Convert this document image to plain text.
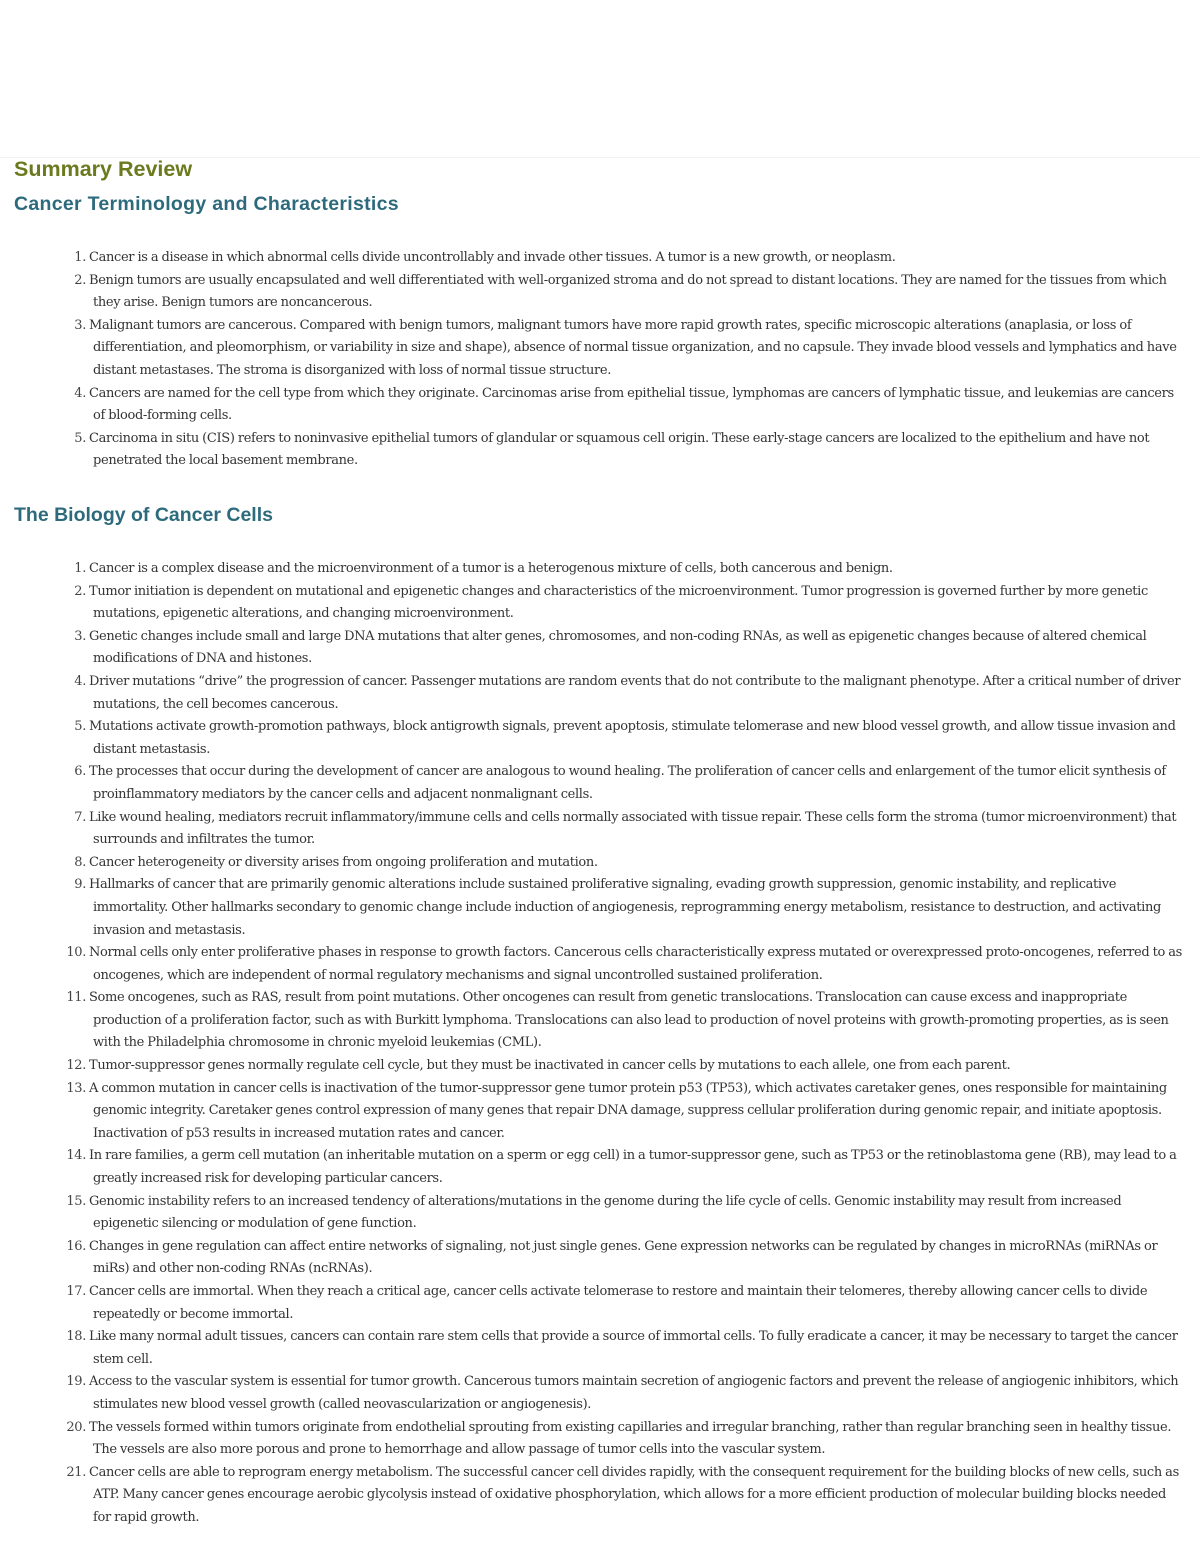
Summary Review
Cancer Terminology and Characteristics
1. Cancer is a disease in which abnormal cells divide uncontrollably and invade other tissues. A tumor is a new growth, or neoplasm.
2. Benign tumors are usually encapsulated and well differentiated with well-organized stroma and do not spread to distant locations. They are named for the tissues from which they arise. Benign tumors are noncancerous.
3. Malignant tumors are cancerous. Compared with benign tumors, malignant tumors have more rapid growth rates, specific microscopic alterations (anaplasia, or loss of differentiation, and pleomorphism, or variability in size and shape), absence of normal tissue organization, and no capsule. They invade blood vessels and lymphatics and have distant metastases. The stroma is disorganized with loss of normal tissue structure.
4. Cancers are named for the cell type from which they originate. Carcinomas arise from epithelial tissue, lymphomas are cancers of lymphatic tissue, and leukemias are cancers of blood-forming cells.
5. Carcinoma in situ (CIS) refers to noninvasive epithelial tumors of glandular or squamous cell origin. These early-stage cancers are localized to the epithelium and have not penetrated the local basement membrane.
The Biology of Cancer Cells
1. Cancer is a complex disease and the microenvironment of a tumor is a heterogenous mixture of cells, both cancerous and benign.
2. Tumor initiation is dependent on mutational and epigenetic changes and characteristics of the microenvironment. Tumor progression is governed further by more genetic mutations, epigenetic alterations, and changing microenvironment.
3. Genetic changes include small and large DNA mutations that alter genes, chromosomes, and non-coding RNAs, as well as epigenetic changes because of altered chemical modifications of DNA and histones.
4. Driver mutations “drive” the progression of cancer. Passenger mutations are random events that do not contribute to the malignant phenotype. After a critical number of driver mutations, the cell becomes cancerous.
5. Mutations activate growth-promotion pathways, block antigrowth signals, prevent apoptosis, stimulate telomerase and new blood vessel growth, and allow tissue invasion and distant metastasis.
6. The processes that occur during the development of cancer are analogous to wound healing. The proliferation of cancer cells and enlargement of the tumor elicit synthesis of proinflammatory mediators by the cancer cells and adjacent nonmalignant cells.
7. Like wound healing, mediators recruit inflammatory/immune cells and cells normally associated with tissue repair. These cells form the stroma (tumor microenvironment) that surrounds and infiltrates the tumor.
8. Cancer heterogeneity or diversity arises from ongoing proliferation and mutation.
9. Hallmarks of cancer that are primarily genomic alterations include sustained proliferative signaling, evading growth suppression, genomic instability, and replicative immortality. Other hallmarks secondary to genomic change include induction of angiogenesis, reprogramming energy metabolism, resistance to destruction, and activating invasion and metastasis.
10. Normal cells only enter proliferative phases in response to growth factors. Cancerous cells characteristically express mutated or overexpressed proto-oncogenes, referred to as oncogenes, which are independent of normal regulatory mechanisms and signal uncontrolled sustained proliferation.
11. Some oncogenes, such as RAS, result from point mutations. Other oncogenes can result from genetic translocations. Translocation can cause excess and inappropriate production of a proliferation factor, such as with Burkitt lymphoma. Translocations can also lead to production of novel proteins with growth-promoting properties, as is seen with the Philadelphia chromosome in chronic myeloid leukemias (CML).
12. Tumor-suppressor genes normally regulate cell cycle, but they must be inactivated in cancer cells by mutations to each allele, one from each parent.
13. A common mutation in cancer cells is inactivation of the tumor-suppressor gene tumor protein p53 (TP53), which activates caretaker genes, ones responsible for maintaining genomic integrity. Caretaker genes control expression of many genes that repair DNA damage, suppress cellular proliferation during genomic repair, and initiate apoptosis. Inactivation of p53 results in increased mutation rates and cancer.
14. In rare families, a germ cell mutation (an inheritable mutation on a sperm or egg cell) in a tumor-suppressor gene, such as TP53 or the retinoblastoma gene (RB), may lead to a greatly increased risk for developing particular cancers.
15. Genomic instability refers to an increased tendency of alterations/mutations in the genome during the life cycle of cells. Genomic instability may result from increased epigenetic silencing or modulation of gene function.
16. Changes in gene regulation can affect entire networks of signaling, not just single genes. Gene expression networks can be regulated by changes in microRNAs (miRNAs or miRs) and other non-coding RNAs (ncRNAs).
17. Cancer cells are immortal. When they reach a critical age, cancer cells activate telomerase to restore and maintain their telomeres, thereby allowing cancer cells to divide repeatedly or become immortal.
18. Like many normal adult tissues, cancers can contain rare stem cells that provide a source of immortal cells. To fully eradicate a cancer, it may be necessary to target the cancer stem cell.
19. Access to the vascular system is essential for tumor growth. Cancerous tumors maintain secretion of angiogenic factors and prevent the release of angiogenic inhibitors, which stimulates new blood vessel growth (called neovascularization or angiogenesis).
20. The vessels formed within tumors originate from endothelial sprouting from existing capillaries and irregular branching, rather than regular branching seen in healthy tissue. The vessels are also more porous and prone to hemorrhage and allow passage of tumor cells into the vascular system.
21. Cancer cells are able to reprogram energy metabolism. The successful cancer cell divides rapidly, with the consequent requirement for the building blocks of new cells, such as ATP. Many cancer genes encourage aerobic glycolysis instead of oxidative phosphorylation, which allows for a more efficient production of molecular building blocks needed for rapid growth.
